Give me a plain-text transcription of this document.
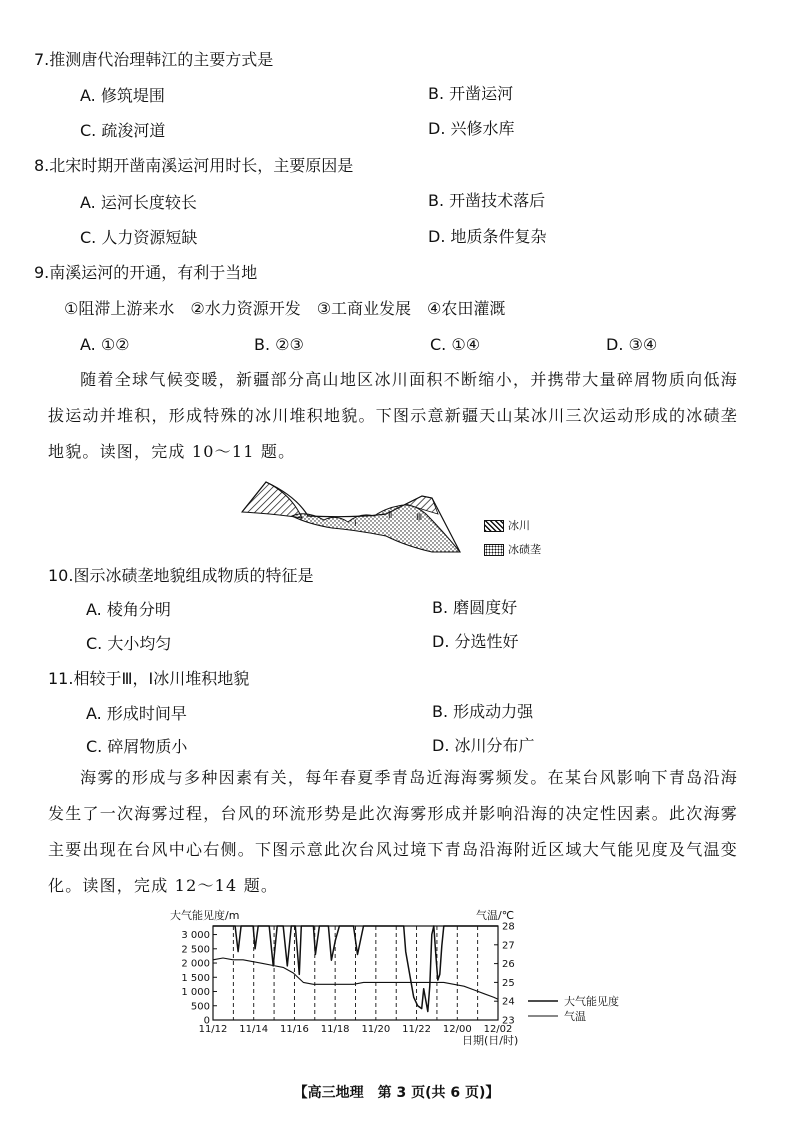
7.推测唐代治理韩江的主要方式是
A. 修筑堤围	B. 开凿运河
C. 疏浚河道	D. 兴修水库
8.北宋时期开凿南溪运河用时长，主要原因是
A. 运河长度较长	B. 开凿技术落后
C. 人力资源短缺	D. 地质条件复杂
9.南溪运河的开通，有利于当地
①阻滞上游来水　②水力资源开发　③工商业发展　④农田灌溉
A. ①②	B. ②③	C. ①④	D. ③④
随着全球气候变暖，新疆部分高山地区冰川面积不断缩小，并携带大量碎屑物质向低海拔运动并堆积，形成特殊的冰川堆积地貌。下图示意新疆天山某冰川三次运动形成的冰碛垄地貌。读图，完成 10～11 题。
Ⅰ
Ⅱ	Ⅲ
冰川
冰碛垄
10.图示冰碛垄地貌组成物质的特征是
A. 棱角分明	B. 磨圆度好
C. 大小均匀	D. 分选性好
11.相较于Ⅲ，Ⅰ冰川堆积地貌
A. 形成时间早	B. 形成动力强
C. 碎屑物质小	D. 冰川分布广
海雾的形成与多种因素有关，每年春夏季青岛近海海雾频发。在某台风影响下青岛沿海发生了一次海雾过程，台风的环流形势是此次海雾形成并影响沿海的决定性因素。此次海雾主要出现在台风中心右侧。下图示意此次台风过境下青岛沿海附近区域大气能见度及气温变化。读图，完成 12～14 题。
大气能见度/m	气温/℃
日期(日/时)
11/12 11/14 11/16 11/18 11/20 11/22 12/00 12/02
0
500
1 000
1 500
2 000
2 500
3 000
23
24
25
26
27
28
大气能见度
气温
【高三地理　第 3 页(共 6 页)】
